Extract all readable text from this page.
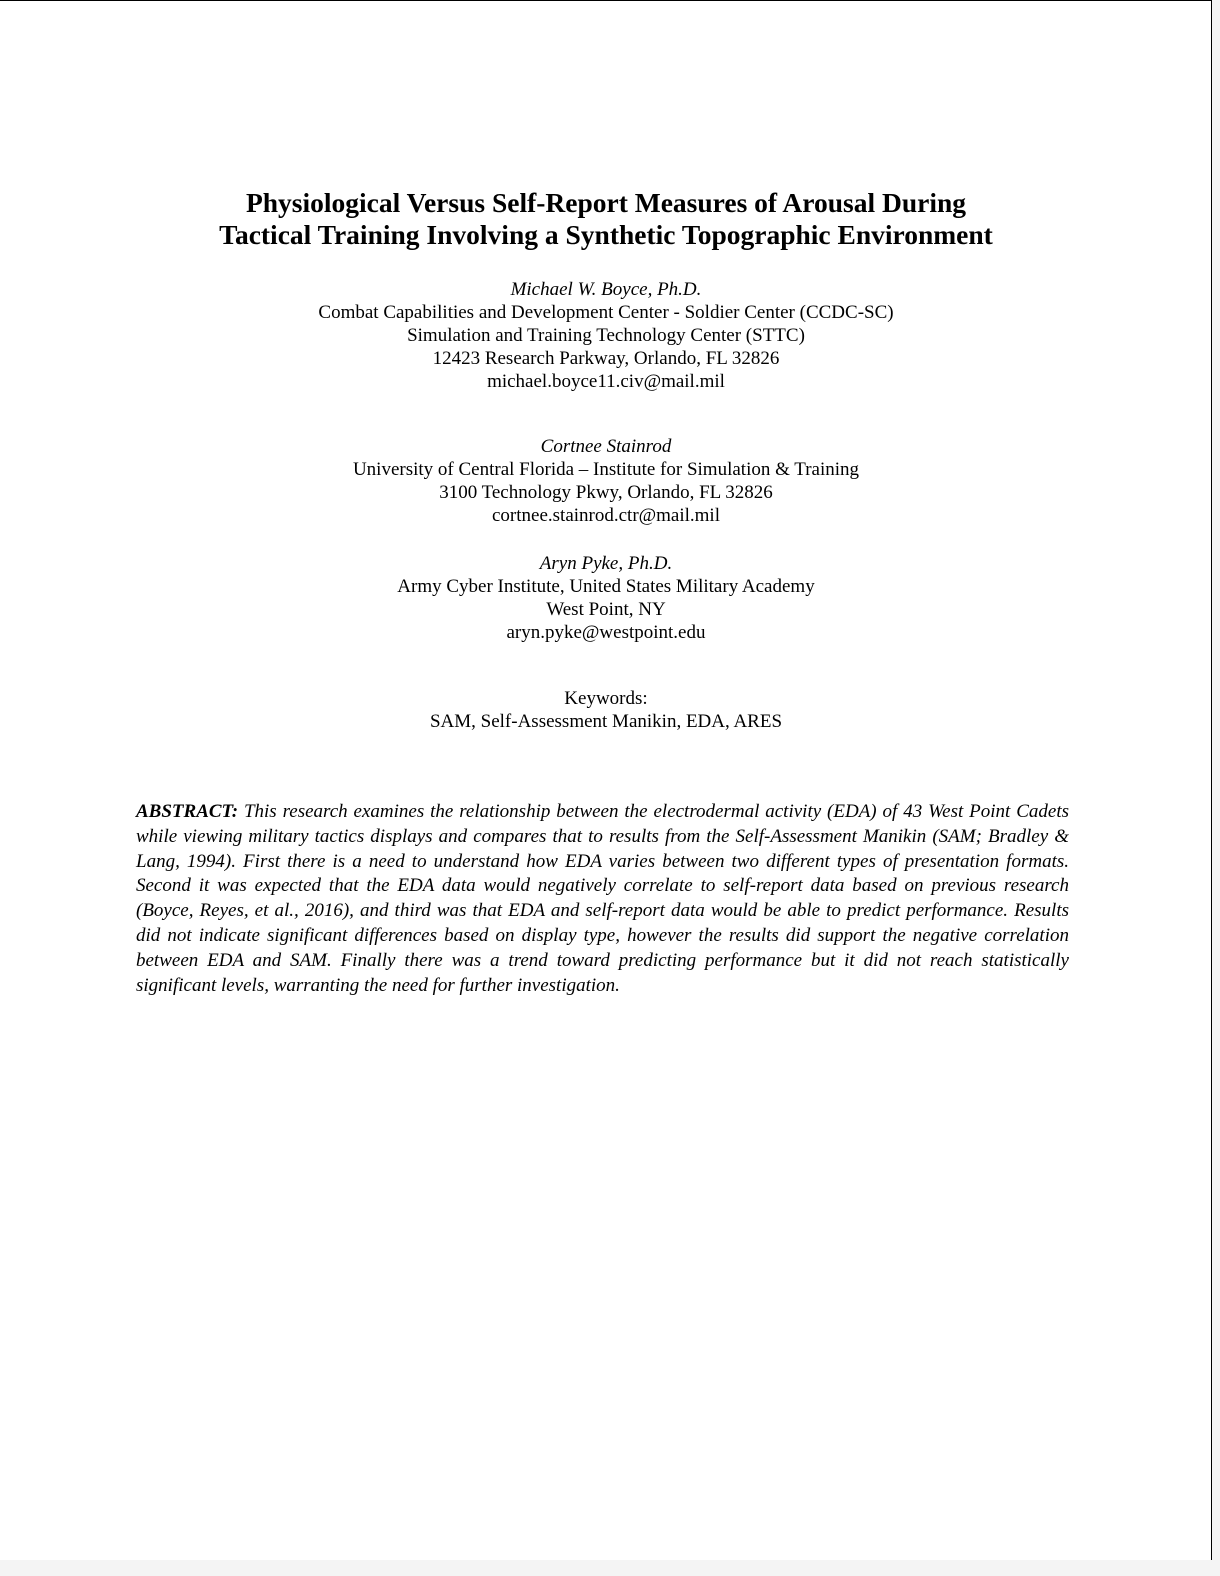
Physiological Versus Self-Report Measures of Arousal During
Tactical Training Involving a Synthetic Topographic Environment
Michael W. Boyce, Ph.D.
Combat Capabilities and Development Center - Soldier Center (CCDC-SC)
Simulation and Training Technology Center (STTC)
12423 Research Parkway, Orlando, FL 32826
michael.boyce11.civ@mail.mil
Cortnee Stainrod
University of Central Florida – Institute for Simulation & Training
3100 Technology Pkwy, Orlando, FL 32826
cortnee.stainrod.ctr@mail.mil
Aryn Pyke, Ph.D.
Army Cyber Institute, United States Military Academy
West Point, NY
aryn.pyke@westpoint.edu
Keywords:
SAM, Self-Assessment Manikin, EDA, ARES
ABSTRACT: This research examines the relationship between the electrodermal activity (EDA) of 43 West Point Cadets while viewing military tactics displays and compares that to results from the Self-Assessment Manikin (SAM; Bradley & Lang, 1994). First there is a need to understand how EDA varies between two different types of presentation formats. Second it was expected that the EDA data would negatively correlate to self-report data based on previous research (Boyce, Reyes, et al., 2016), and third was that EDA and self-report data would be able to predict performance. Results did not indicate significant differences based on display type, however the results did support the negative correlation between EDA and SAM. Finally there was a trend toward predicting performance but it did not reach statistically significant levels, warranting the need for further investigation.
